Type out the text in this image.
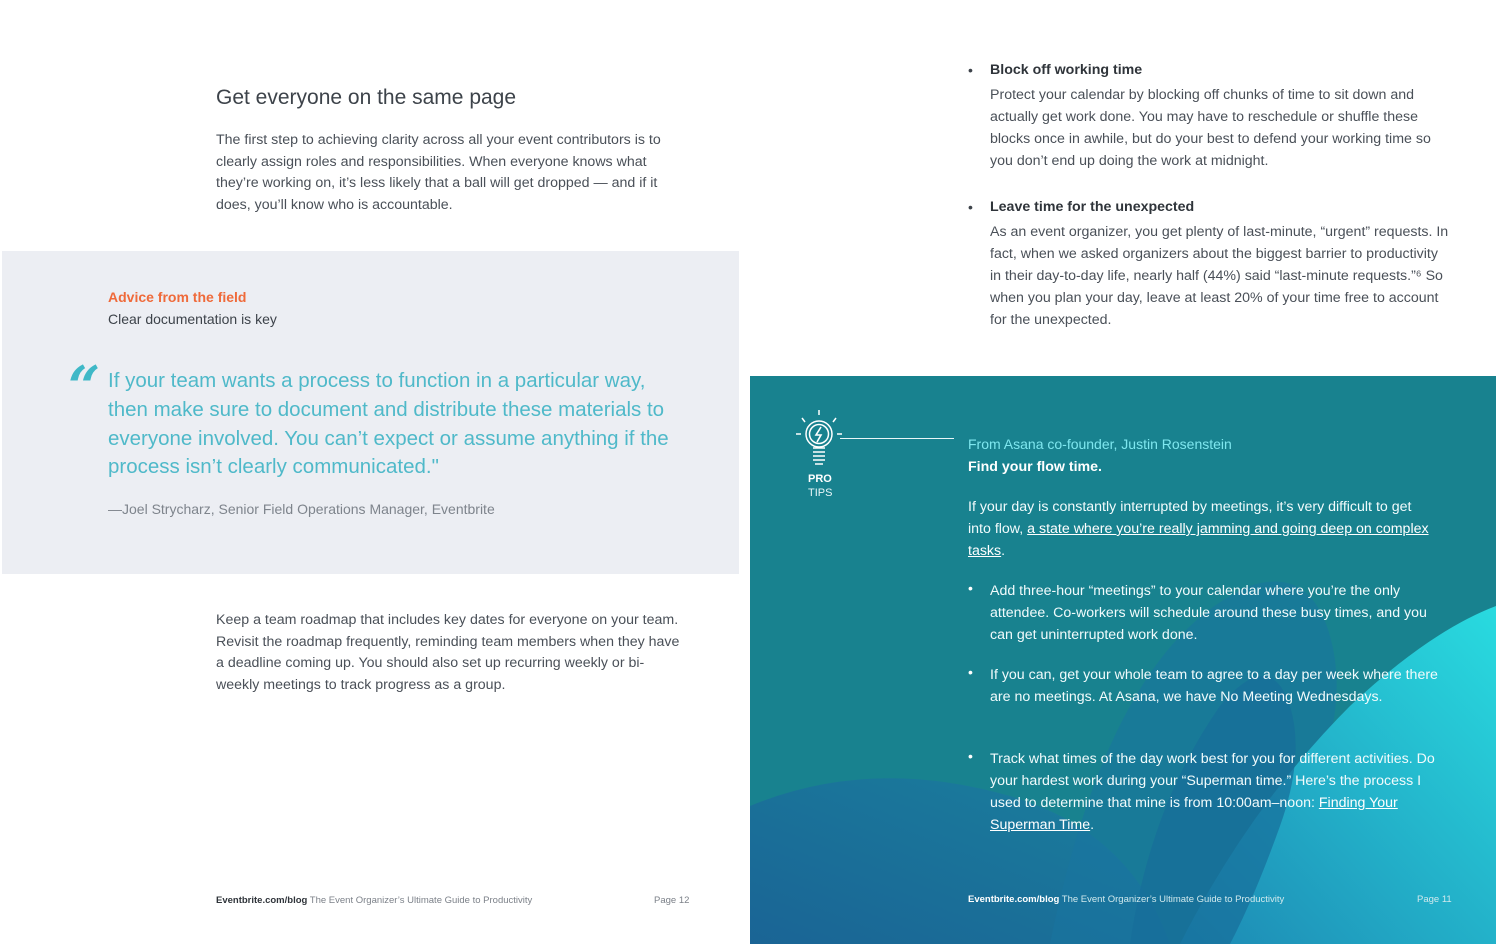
Get everyone on the same page

The first step to achieving clarity across all your event contributors is to clearly assign roles and responsibilities. When everyone knows what they’re working on, it’s less likely that a ball will get dropped — and if it does, you’ll know who is accountable.

Advice from the field
Clear documentation is key
“ If your team wants a process to function in a particular way, then make sure to document and distribute these materials to everyone involved. You can’t expect or assume anything if the process isn’t clearly communicated."

—Joel Strycharz, Senior Field Operations Manager, Eventbrite

Keep a team roadmap that includes key dates for everyone on your team. Revisit the roadmap frequently, reminding team members when they have a deadline coming up. You should also set up recurring weekly or bi-weekly meetings to track progress as a group.

Eventbrite.com/blog The Event Organizer’s Ultimate Guide to Productivity	Page 12
• Block off working time

Protect your calendar by blocking off chunks of time to sit down and actually get work done. You may have to reschedule or shuffle these blocks once in awhile, but do your best to defend your working time so you don’t end up doing the work at midnight.

• Leave time for the unexpected

As an event organizer, you get plenty of last-minute, “urgent” requests. In fact, when we asked organizers about the biggest barrier to productivity in their day-to-day life, nearly half (44%) said “last-minute requests.”⁶ So when you plan your day, leave at least 20% of your time free to account for the unexpected.

PRO
TIPS
From Asana co-founder, Justin Rosenstein
Find your flow time.

If your day is constantly interrupted by meetings, it’s very difficult to get into flow, a state where you’re really jamming and going deep on complex tasks.

• Add three-hour “meetings” to your calendar where you’re the only attendee. Co-workers will schedule around these busy times, and you can get uninterrupted work done.

• If you can, get your whole team to agree to a day per week where there are no meetings. At Asana, we have No Meeting Wednesdays.

• Track what times of the day work best for you for different activities. Do your hardest work during your “Superman time.” Here’s the process I used to determine that mine is from 10:00am–noon: Finding Your Superman Time.

Eventbrite.com/blog The Event Organizer’s Ultimate Guide to Productivity	Page 11
